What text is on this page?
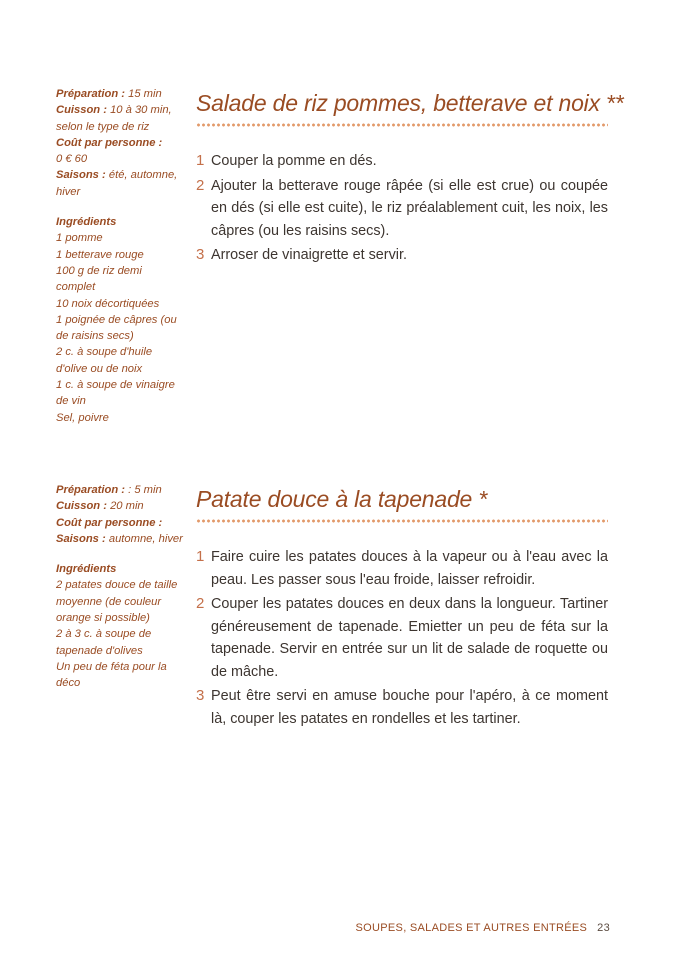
Préparation : 15 min

Cuisson : 10 à 30 min, selon le type de riz

Coût par personne :
0 € 60

Saisons : été, automne, hiver

Ingrédients

1 pomme
1 betterave rouge
100 g de riz demi complet
10 noix décortiquées
1 poignée de câpres (ou de raisins secs)
2 c. à soupe d'huile d'olive ou de noix
1 c. à soupe de vinaigre de vin
Sel, poivre
Salade de riz pommes, betterave et noix **
1 Couper la pomme en dés.
2 Ajouter la betterave rouge râpée (si elle est crue) ou coupée en dés (si elle est cuite), le riz préalablement cuit, les noix, les câpres (ou les raisins secs).
3 Arroser de vinaigrette et servir.

Préparation : : 5 min

Cuisson : 20 min

Coût par personne :

Saisons : automne, hiver

Ingrédients

2 patates douce de taille moyenne (de couleur orange si possible)
2 à 3 c. à soupe de tapenade d'olives
Un peu de féta pour la déco
Patate douce à la tapenade *
1 Faire cuire les patates douces à la vapeur ou à l'eau avec la peau. Les passer sous l'eau froide, laisser refroidir.
2 Couper les patates douces en deux dans la longueur. Tartiner généreusement de tapenade. Emietter un peu de féta sur la tapenade. Servir en entrée sur un lit de salade de roquette ou de mâche.
3 Peut être servi en amuse bouche pour l'apéro, à ce moment là, couper les patates en rondelles et les tartiner.
SOUPES, SALADES ET AUTRES ENTRÉES 23
